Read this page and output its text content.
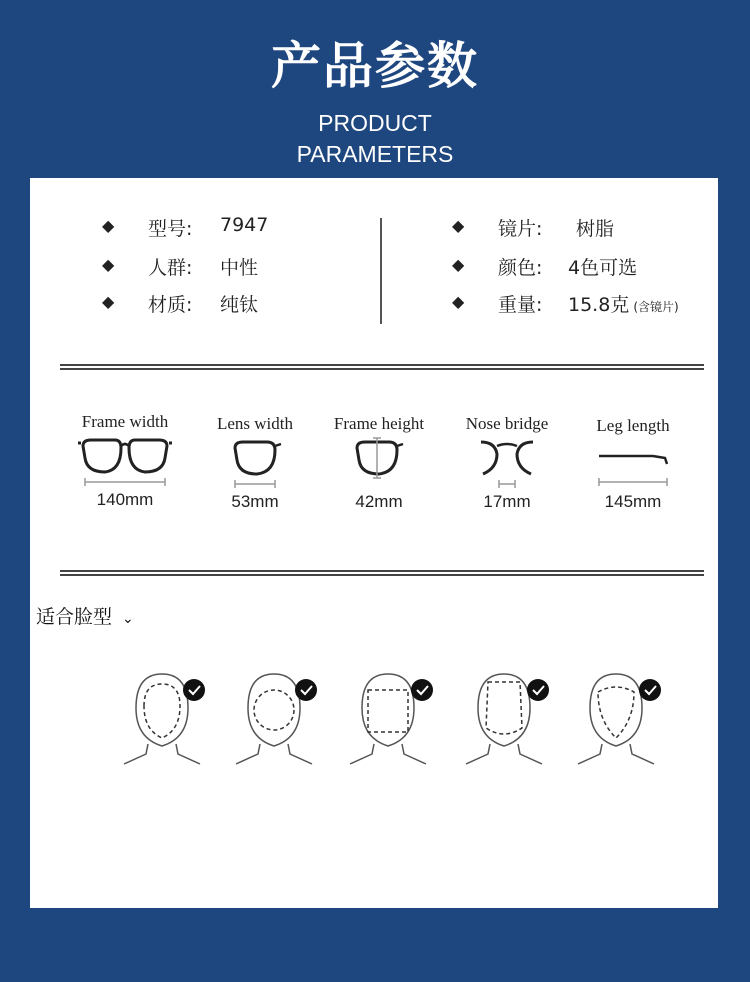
产品参数
PRODUCT
PARAMETERS
◆ 型号: 7947
◆ 人群: 中性
◆ 材质: 纯钛
◆ 镜片: 树脂
◆ 颜色: 4色可选
◆ 重量: 15.8克 (含镜片)
Frame width
140mm
Lens width
53mm
Frame height
42mm
Nose bridge
17mm
Leg length
145mm
适合脸型 ⌄
